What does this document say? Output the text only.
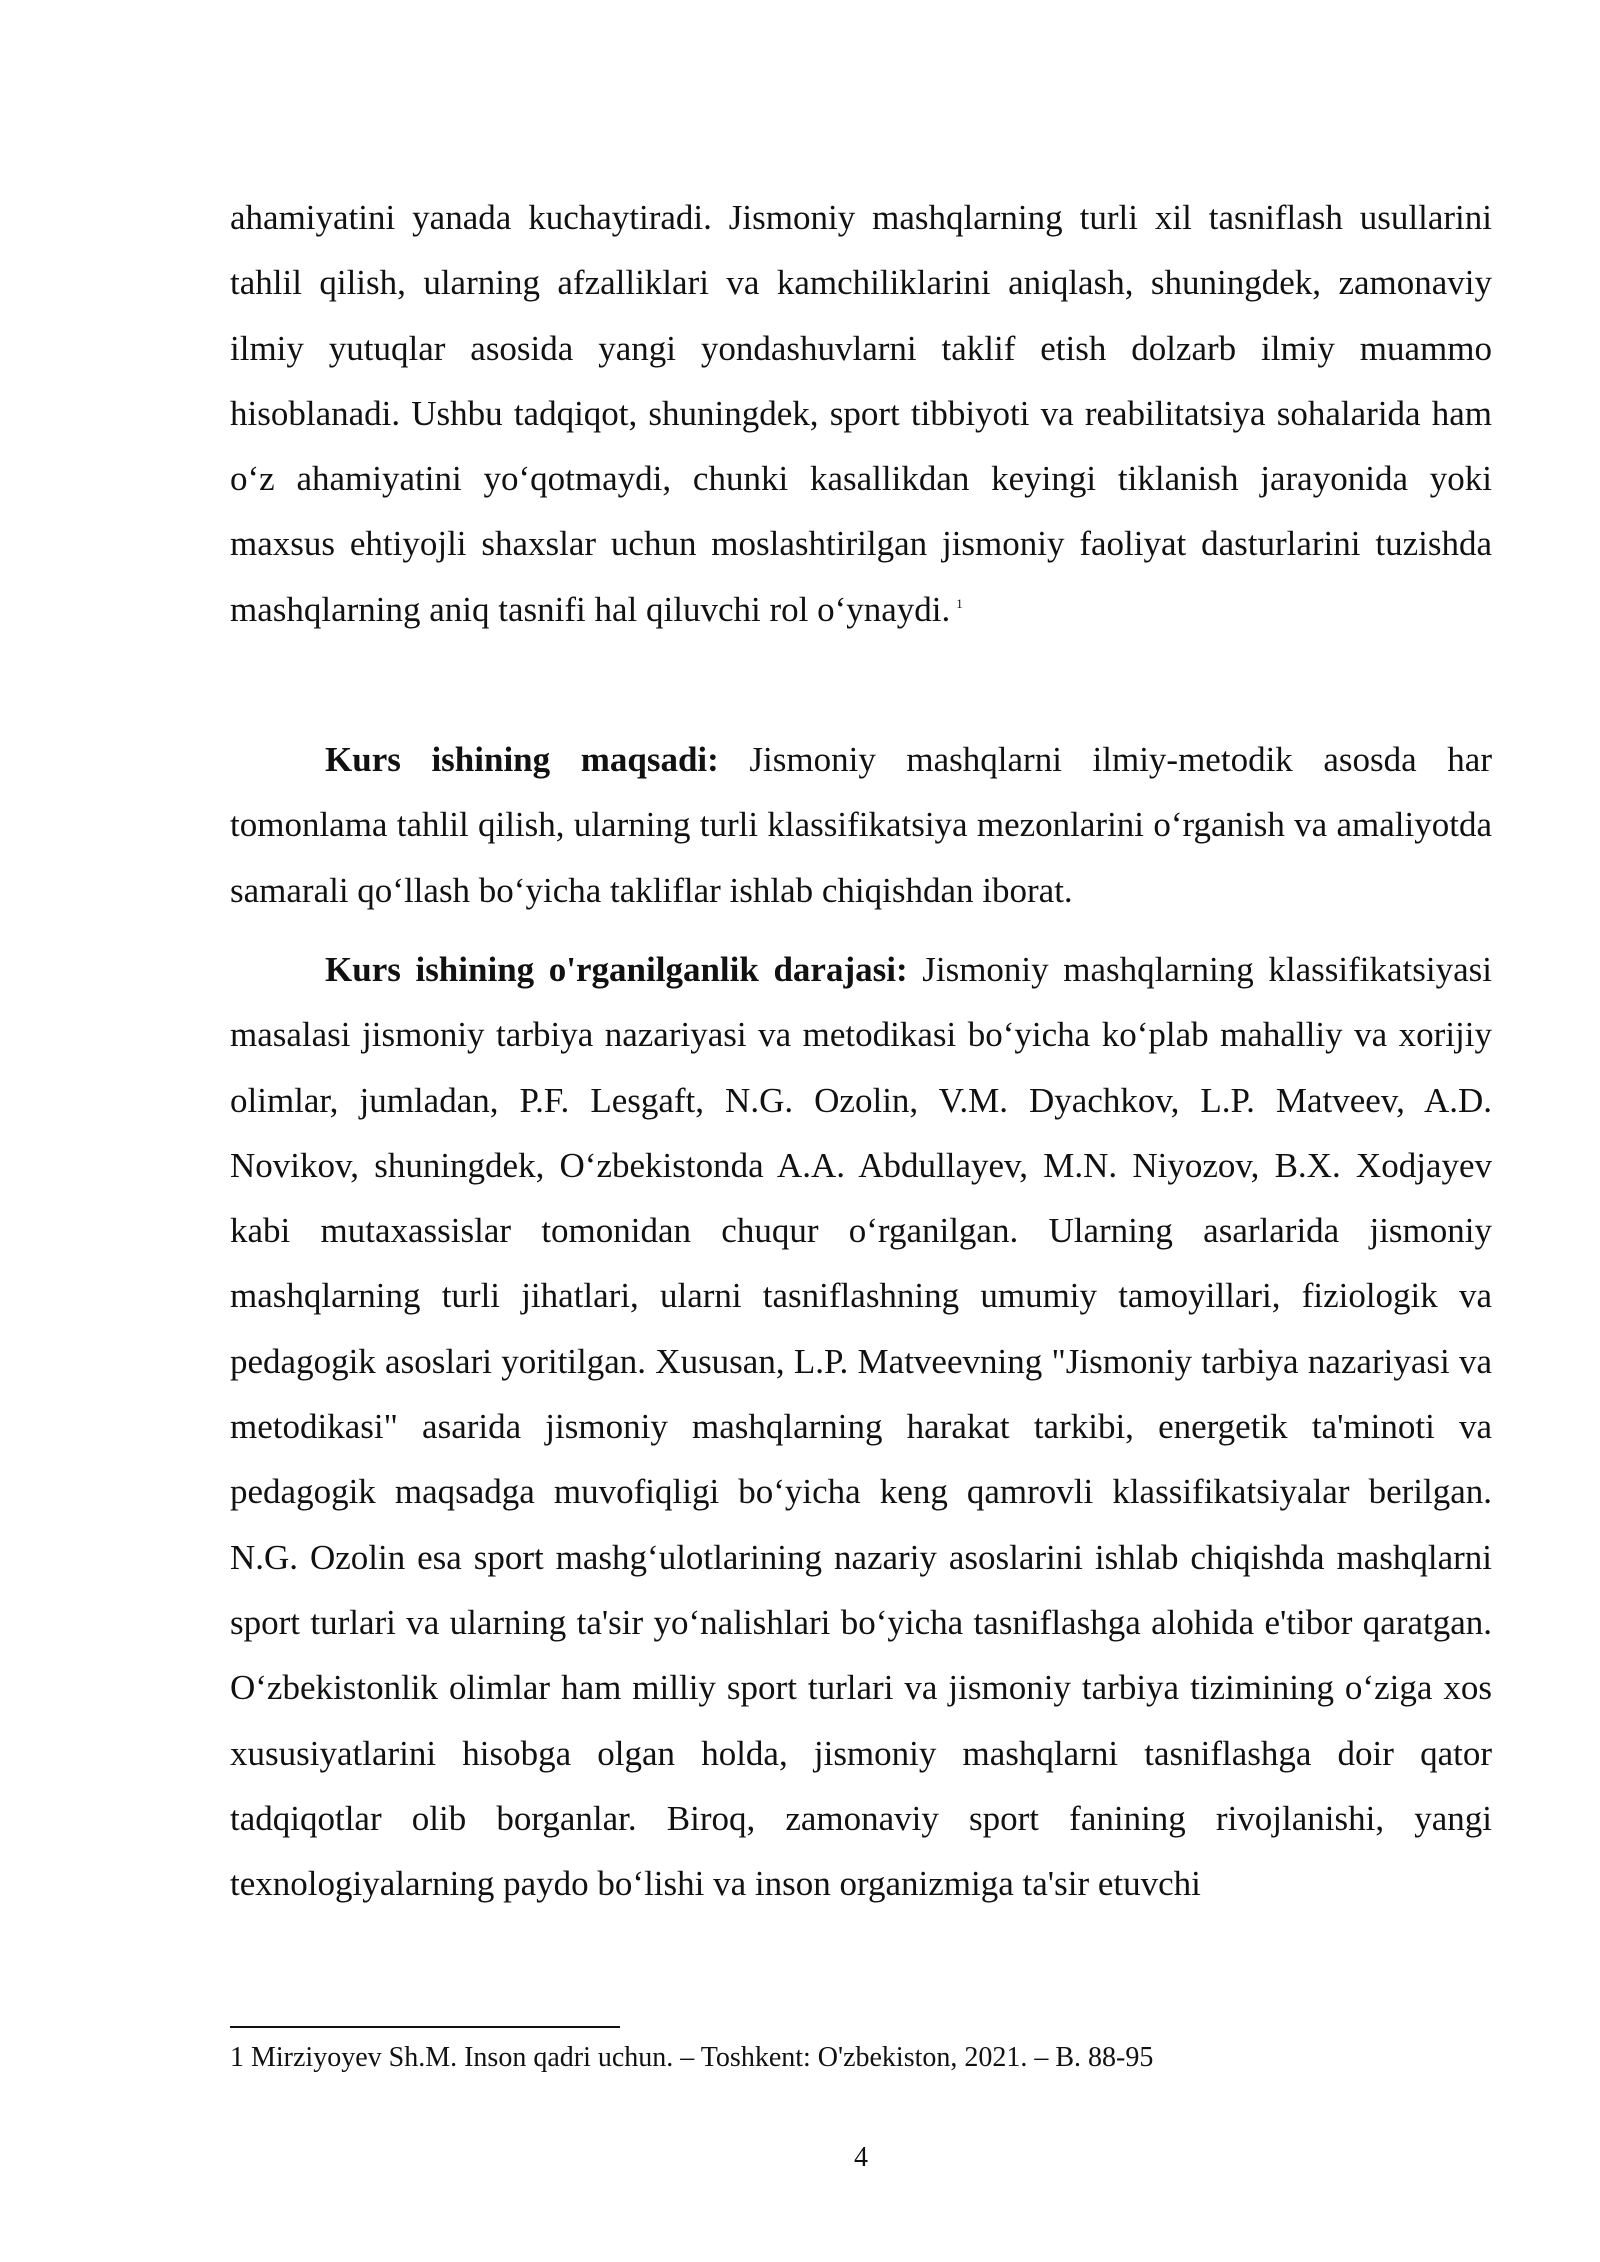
ahamiyatini yanada kuchaytiradi. Jismoniy mashqlarning turli xil tasniflash usullarini tahlil qilish, ularning afzalliklari va kamchiliklarini aniqlash, shuningdek, zamonaviy ilmiy yutuqlar asosida yangi yondashuvlarni taklif etish dolzarb ilmiy muammo hisoblanadi. Ushbu tadqiqot, shuningdek, sport tibbiyoti va reabilitatsiya sohalarida ham o‘z ahamiyatini yo‘qotmaydi, chunki kasallikdan keyingi tiklanish jarayonida yoki maxsus ehtiyojli shaxslar uchun moslashtirilgan jismoniy faoliyat dasturlarini tuzishda mashqlarning aniq tasnifi hal qiluvchi rol o‘ynaydi. $^1$

Kurs ishining maqsadi: Jismoniy mashqlarni ilmiy-metodik asosda har tomonlama tahlil qilish, ularning turli klassifikatsiya mezonlarini o‘rganish va amaliyotda samarali qo‘llash bo‘yicha takliflar ishlab chiqishdan iborat.

Kurs ishining o'rganilganlik darajasi: Jismoniy mashqlarning klassifikatsiyasi masalasi jismoniy tarbiya nazariyasi va metodikasi bo‘yicha ko‘plab mahalliy va xorijiy olimlar, jumladan, P.F. Lesgaft, N.G. Ozolin, V.M. Dyachkov, L.P. Matveev, A.D. Novikov, shuningdek, O‘zbekistonda A.A. Abdullayev, M.N. Niyozov, B.X. Xodjayev kabi mutaxassislar tomonidan chuqur o‘rganilgan. Ularning asarlarida jismoniy mashqlarning turli jihatlari, ularni tasniflashning umumiy tamoyillari, fiziologik va pedagogik asoslari yoritilgan. Xususan, L.P. Matveevning "Jismoniy tarbiya nazariyasi va metodikasi" asarida jismoniy mashqlarning harakat tarkibi, energetik ta'minoti va pedagogik maqsadga muvofiqligi bo‘yicha keng qamrovli klassifikatsiyalar berilgan. N.G. Ozolin esa sport mashg‘ulotlarining nazariy asoslarini ishlab chiqishda mashqlarni sport turlari va ularning ta'sir yo‘nalishlari bo‘yicha tasniflashga alohida e'tibor qaratgan. O‘zbekistonlik olimlar ham milliy sport turlari va jismoniy tarbiya tizimining o‘ziga xos xususiyatlarini hisobga olgan holda, jismoniy mashqlarni tasniflashga doir qator tadqiqotlar olib borganlar. Biroq, zamonaviy sport fanining rivojlanishi, yangi texnologiyalarning paydo bo‘lishi va inson organizmiga ta'sir etuvchi

1 Mirziyoyev Sh.M. Inson qadri uchun. – Toshkent: O'zbekiston, 2021. – B. 88-95

4
